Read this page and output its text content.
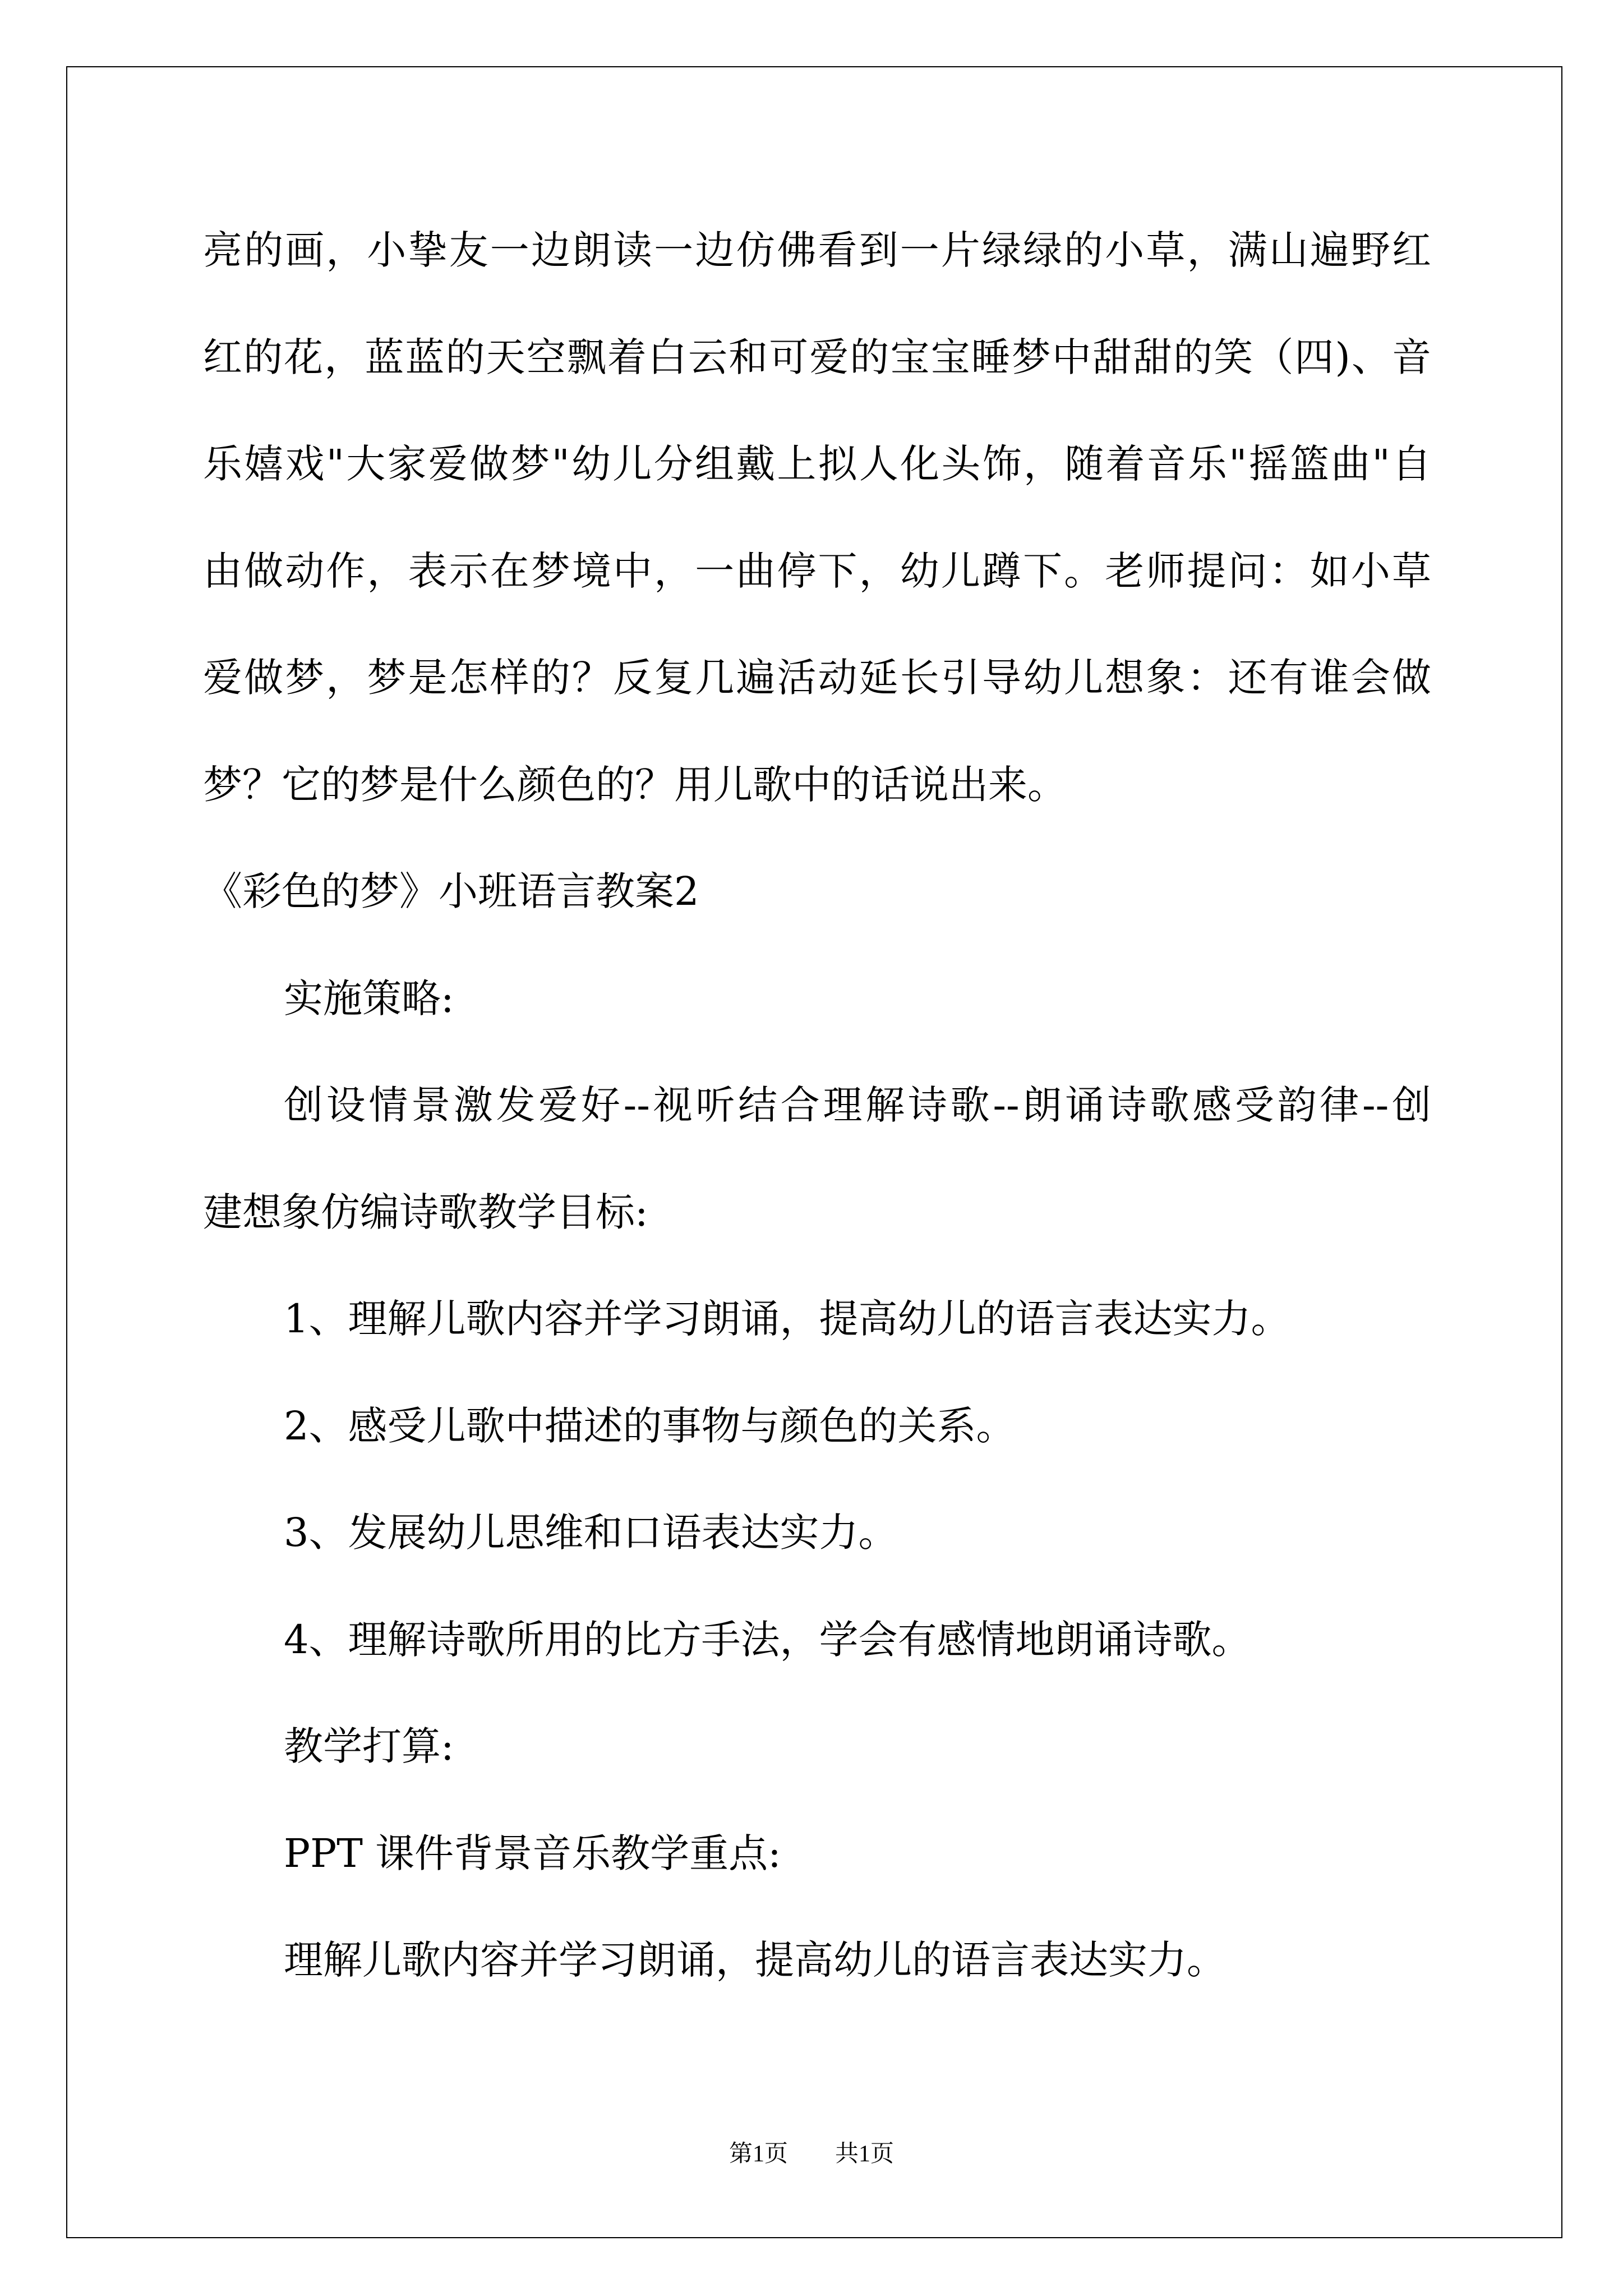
亮的画，小挚友一边朗读一边仿佛看到一片绿绿的小草，满山遍野红
红的花，蓝蓝的天空飘着白云和可爱的宝宝睡梦中甜甜的笑（四)、音
乐嬉戏"大家爱做梦"幼儿分组戴上拟人化头饰，随着音乐"摇篮曲"自
由做动作，表示在梦境中，一曲停下，幼儿蹲下。老师提问：如小草
爱做梦，梦是怎样的？反复几遍活动延长引导幼儿想象：还有谁会做
梦？它的梦是什么颜色的？用儿歌中的话说出来。
《彩色的梦》小班语言教案2
实施策略:
创设情景激发爱好--视听结合理解诗歌--朗诵诗歌感受韵律--创
建想象仿编诗歌教学目标:
1、理解儿歌内容并学习朗诵，提高幼儿的语言表达实力。
2、感受儿歌中描述的事物与颜色的关系。
3、发展幼儿思维和口语表达实力。
4、理解诗歌所用的比方手法，学会有感情地朗诵诗歌。
教学打算:
PPT 课件背景音乐教学重点:
理解儿歌内容并学习朗诵，提高幼儿的语言表达实力。
第1页 共1页
